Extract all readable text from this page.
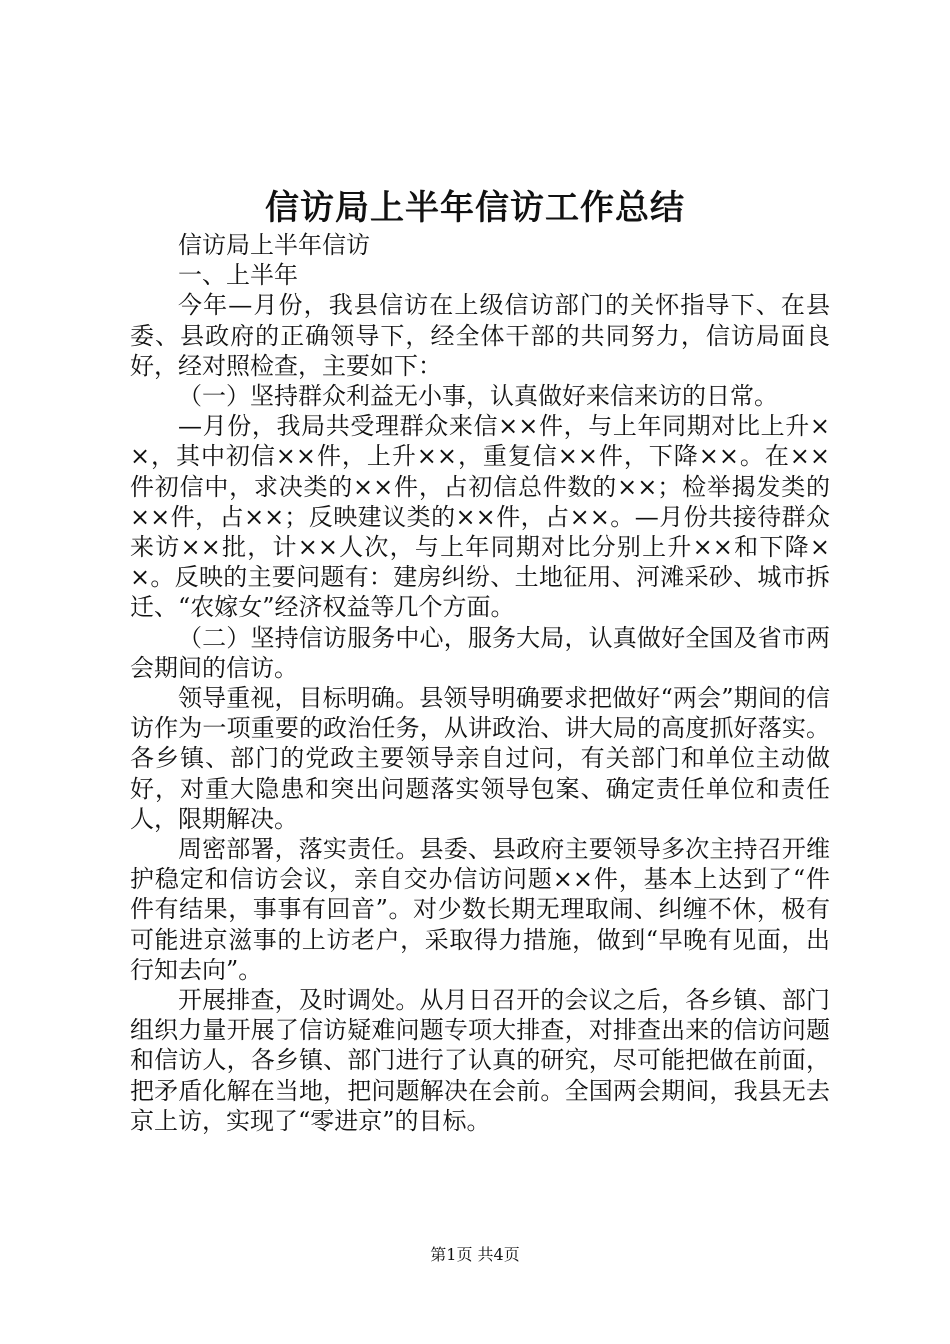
信访局上半年信访工作总结

信访局上半年信访

一、上半年

今年—月份，我县信访在上级信访部门的关怀指导下、在县委、县政府的正确领导下，经全体干部的共同努力，信访局面良好，经对照检查，主要如下：

（一）坚持群众利益无小事，认真做好来信来访的日常。

—月份，我局共受理群众来信××件，与上年同期对比上升××，其中初信××件，上升××，重复信××件，下降××。在××件初信中，求决类的××件，占初信总件数的××；检举揭发类的××件，占××；反映建议类的××件，占××。—月份共接待群众来访××批，计××人次，与上年同期对比分别上升××和下降××。反映的主要问题有：建房纠纷、土地征用、河滩采砂、城市拆迁、“农嫁女”经济权益等几个方面。

（二）坚持信访服务中心，服务大局，认真做好全国及省市两会期间的信访。

领导重视，目标明确。县领导明确要求把做好“两会”期间的信访作为一项重要的政治任务，从讲政治、讲大局的高度抓好落实。各乡镇、部门的党政主要领导亲自过问，有关部门和单位主动做好，对重大隐患和突出问题落实领导包案、确定责任单位和责任人，限期解决。

周密部署，落实责任。县委、县政府主要领导多次主持召开维护稳定和信访会议，亲自交办信访问题××件，基本上达到了“件件有结果，事事有回音”。对少数长期无理取闹、纠缠不休，极有可能进京滋事的上访老户，采取得力措施，做到“早晚有见面，出行知去向”。

开展排查，及时调处。从月日召开的会议之后，各乡镇、部门组织力量开展了信访疑难问题专项大排查，对排查出来的信访问题和信访人，各乡镇、部门进行了认真的研究，尽可能把做在前面，把矛盾化解在当地，把问题解决在会前。全国两会期间，我县无去京上访，实现了“零进京”的目标。

第1页 共4页
